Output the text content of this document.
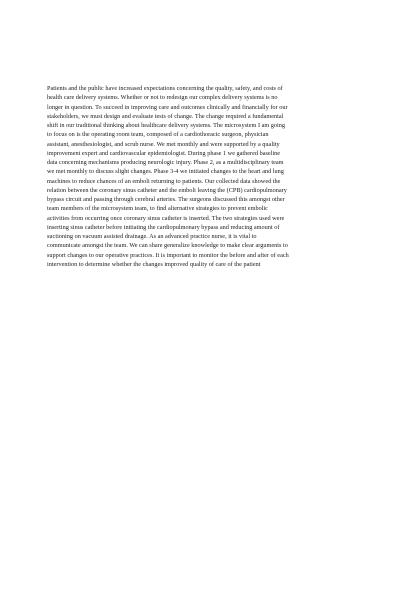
Patients and the public have increased expectations concerning the quality, safety, and costs of
health care delivery systems. Whether or not to redesign our complex delivery systems is no
longer in question. To succeed in improving care and outcomes clinically and financially for our
stakeholders, we must design and evaluate tests of change. The change required a fundamental
shift in our traditional thinking about healthcare delivery systems. The microsystem I am going
to focus on is the operating room team, composed of a cardiothoracic surgeon, physician
assistant, anesthesiologist, and scrub nurse. We met monthly and were supported by a quality
improvement expert and cardiovascular epidemiologist. During phase 1 we gathered baseline
data concerning mechanisms producing neurologic injury. Phase 2, as a multidisciplinary team
we met monthly to discuss slight changes. Phase 3-4 we initiated changes to the heart and lung
machines to reduce chances of an emboli returning to patients. Our collected data showed the
relation between the coronary sinus catheter and the emboli leaving the (CPB) cardiopulmonary
bypass circuit and passing through cerebral arteries. The surgeons discussed this amongst other
team members of the microsystem team, to find alternative strategies to prevent embolic
activities from occurring once coronary sinus catheter is inserted. The two strategies used were
inserting sinus catheter before initiating the cardiopulmonary bypass and reducing amount of
suctioning on vacuum assisted drainage. As an advanced practice nurse, it is vital to
communicate amongst the team. We can share generalize knowledge to make clear arguments to
support changes to our operative practices. It is important to monitor the before and after of each
intervention to determine whether the changes improved quality of care of the patient
